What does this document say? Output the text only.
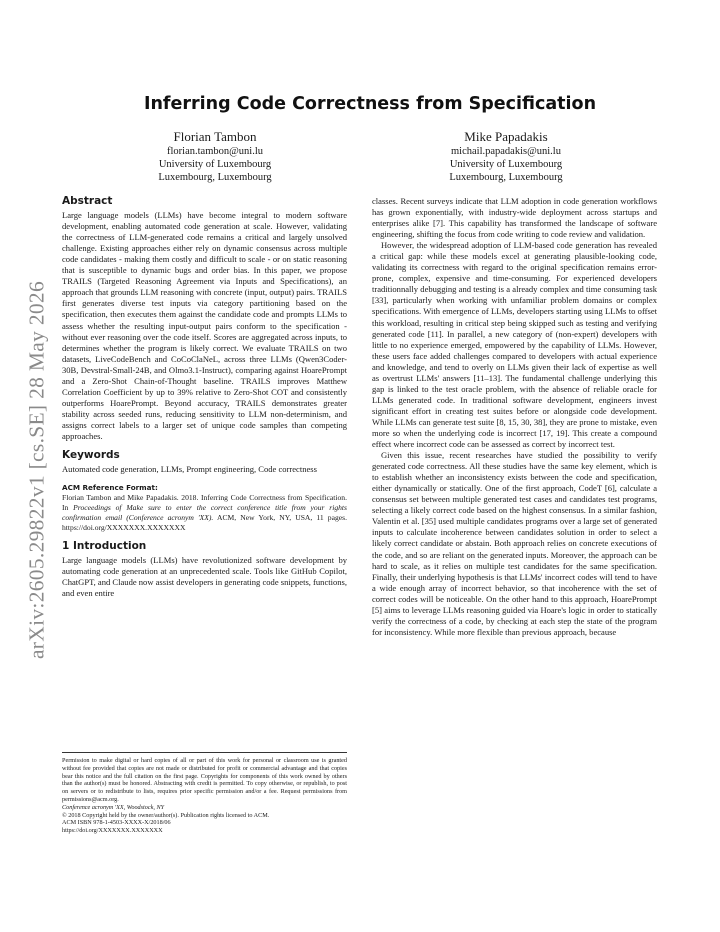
arXiv:2605.29822v1 [cs.SE] 28 May 2026
Inferring Code Correctness from Specification
Florian Tambon
florian.tambon@uni.lu
University of Luxembourg
Luxembourg, Luxembourg
Mike Papadakis
michail.papadakis@uni.lu
University of Luxembourg
Luxembourg, Luxembourg
Abstract

Large language models (LLMs) have become integral to modern software development, enabling automated code generation at scale. However, validating the correctness of LLM-generated code remains a critical and largely unsolved challenge. Existing approaches either rely on dynamic consensus across multiple code candidates - making them costly and difficult to scale - or on static reasoning that is susceptible to dynamic bugs and order bias. In this paper, we propose TRAILS (Targeted Reasoning Agreement via Inputs and Specifications), an approach that grounds LLM reasoning with concrete (input, output) pairs. TRAILS first generates diverse test inputs via category partitioning based on the specification, then executes them against the candidate code and prompts LLMs to assess whether the resulting input-output pairs conform to the specification - without ever reasoning over the code itself. Scores are aggregated across inputs, to determines whether the program is likely correct. We evaluate TRAILS on two datasets, LiveCodeBench and CoCoClaNeL, across three LLMs (Qwen3Coder-30B, Devstral-Small-24B, and Olmo3.1-Instruct), comparing against HoarePrompt and a Zero-Shot Chain-of-Thought baseline. TRAILS improves Matthew Correlation Coefficient by up to 39% relative to Zero-Shot COT and consistently outperforms HoarePrompt. Beyond accuracy, TRAILS demonstrates greater stability across seeded runs, reducing sensitivity to LLM non-determinism, and assigns correct labels to a larger set of unique code samples than competing approaches.

Keywords

Automated code generation, LLMs, Prompt engineering, Code correctness

ACM Reference Format:
Florian Tambon and Mike Papadakis. 2018. Inferring Code Correctness from Specification. In Proceedings of Make sure to enter the correct conference title from your rights confirmation email (Conference acronym 'XX). ACM, New York, NY, USA, 11 pages. https://doi.org/XXXXXXX.XXXXXXX
1 Introduction

Large language models (LLMs) have revolutionized software development by automating code generation at an unprecedented scale. Tools like GitHub Copilot, ChatGPT, and Claude now assist developers in generating code snippets, functions, and even entire

Permission to make digital or hard copies of all or part of this work for personal or classroom use is granted without fee provided that copies are not made or distributed for profit or commercial advantage and that copies bear this notice and the full citation on the first page. Copyrights for components of this work owned by others than the author(s) must be honored. Abstracting with credit is permitted. To copy otherwise, or republish, to post on servers or to redistribute to lists, requires prior specific permission and/or a fee. Request permissions from permissions@acm.org.

Conference acronym 'XX, Woodstock, NY

© 2018 Copyright held by the owner/author(s). Publication rights licensed to ACM.

ACM ISBN 978-1-4503-XXXX-X/2018/06

https://doi.org/XXXXXXX.XXXXXXX

classes. Recent surveys indicate that LLM adoption in code generation workflows has grown exponentially, with industry-wide deployment across startups and enterprises alike [7]. This capability has transformed the landscape of software engineering, shifting the focus from code writing to code review and validation.

However, the widespread adoption of LLM-based code generation has revealed a critical gap: while these models excel at generating plausible-looking code, validating its correctness with regard to the original specification remains error-prone, complex, expensive and time-consuming. For experienced developers traditionnally debugging and testing is a already complex and time consuming task [33], particularly when working with unfamiliar problem domains or complex specifications. With emergence of LLMs, developers starting using LLMs to offset this workload, resulting in critical step being skipped such as testing and verifying generated code [11]. In parallel, a new category of (non-expert) developers with little to no experience emerged, empowered by the capability of LLMs. However, these users face added challenges compared to developers with actual experience and knowledge, and tend to overly on LLMs given their lack of expertise as well as overtrust LLMs' answers [11–13]. The fundamental challenge underlying this gap is linked to the test oracle problem, with the absence of reliable oracle for LLMs generated code. In traditional software development, engineers invest significant effort in creating test suites before or alongside code development. While LLMs can generate test suite [8, 15, 30, 38], they are prone to mistake, even more so when the underlying code is incorrect [17, 19]. This create a compound effect where incorrect code can be assessed as correct by incorrect test.

Given this issue, recent researches have studied the possibility to verify generated code correctness. All these studies have the same key element, which is to establish whether an inconsistency exists between the code and specification, either dynamically or statically. One of the first approach, CodeT [6], calculate a consensus set between multiple generated test cases and candidates test programs, selecting a likely correct code based on the highest consensus. In a similar fashion, Valentin et al. [35] used multiple candidates programs over a large set of generated inputs to calculate incoherence between candidates solution in order to select a likely correct candidate or abstain. Both approach relies on concrete executions of the code, and so are reliant on the generated inputs. Moreover, the approach can be hard to scale, as it relies on multiple test candidates for the same specification. Finally, their underlying hypothesis is that LLMs' incorrect codes will tend to have a wide enough array of incorrect behavior, so that incoherence with the set of correct codes will be noticeable. On the other hand to this approach, HoarePrompt [5] aims to leverage LLMs reasoning guided via Hoare's logic in order to statically verify the correctness of a code, by checking at each step the state of the program for inconsistency. While more flexible than previous approach, because
